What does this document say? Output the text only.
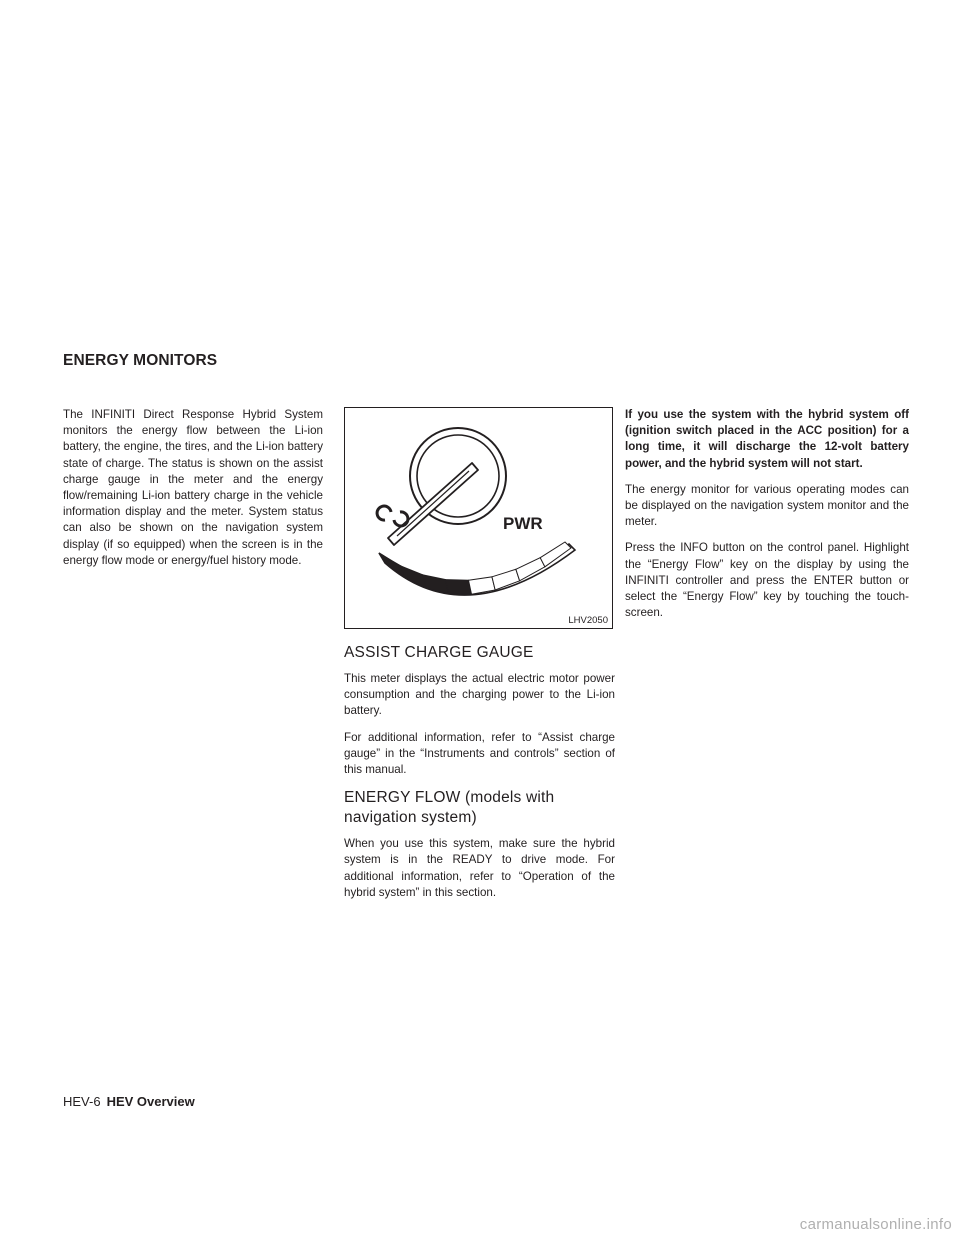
ENERGY MONITORS

The INFINITI Direct Response Hybrid System monitors the energy flow between the Li-ion battery, the engine, the tires, and the Li-ion battery state of charge. The status is shown on the assist charge gauge in the meter and the energy flow/remaining Li-ion battery charge in the vehicle information display and the meter. System status can also be shown on the navigation system display (if so equipped) when the screen is in the energy flow mode or energy/fuel history mode.

PWR
LHV2050
ASSIST CHARGE GAUGE

This meter displays the actual electric motor power consumption and the charging power to the Li-ion battery.

For additional information, refer to “Assist charge gauge” in the “Instruments and controls” section of this manual.

ENERGY FLOW (models with navigation system)

When you use this system, make sure the hybrid system is in the READY to drive mode. For additional information, refer to “Operation of the hybrid system” in this section.

If you use the system with the hybrid system off (ignition switch placed in the ACC position) for a long time, it will discharge the 12-volt battery power, and the hybrid system will not start.

The energy monitor for various operating modes can be displayed on the navigation system monitor and the meter.

Press the INFO button on the control panel. Highlight the “Energy Flow” key on the display by using the INFINITI controller and press the ENTER button or select the “Energy Flow” key by touching the touch-screen.

HEV-6 HEV Overview
carmanualsonline.info
